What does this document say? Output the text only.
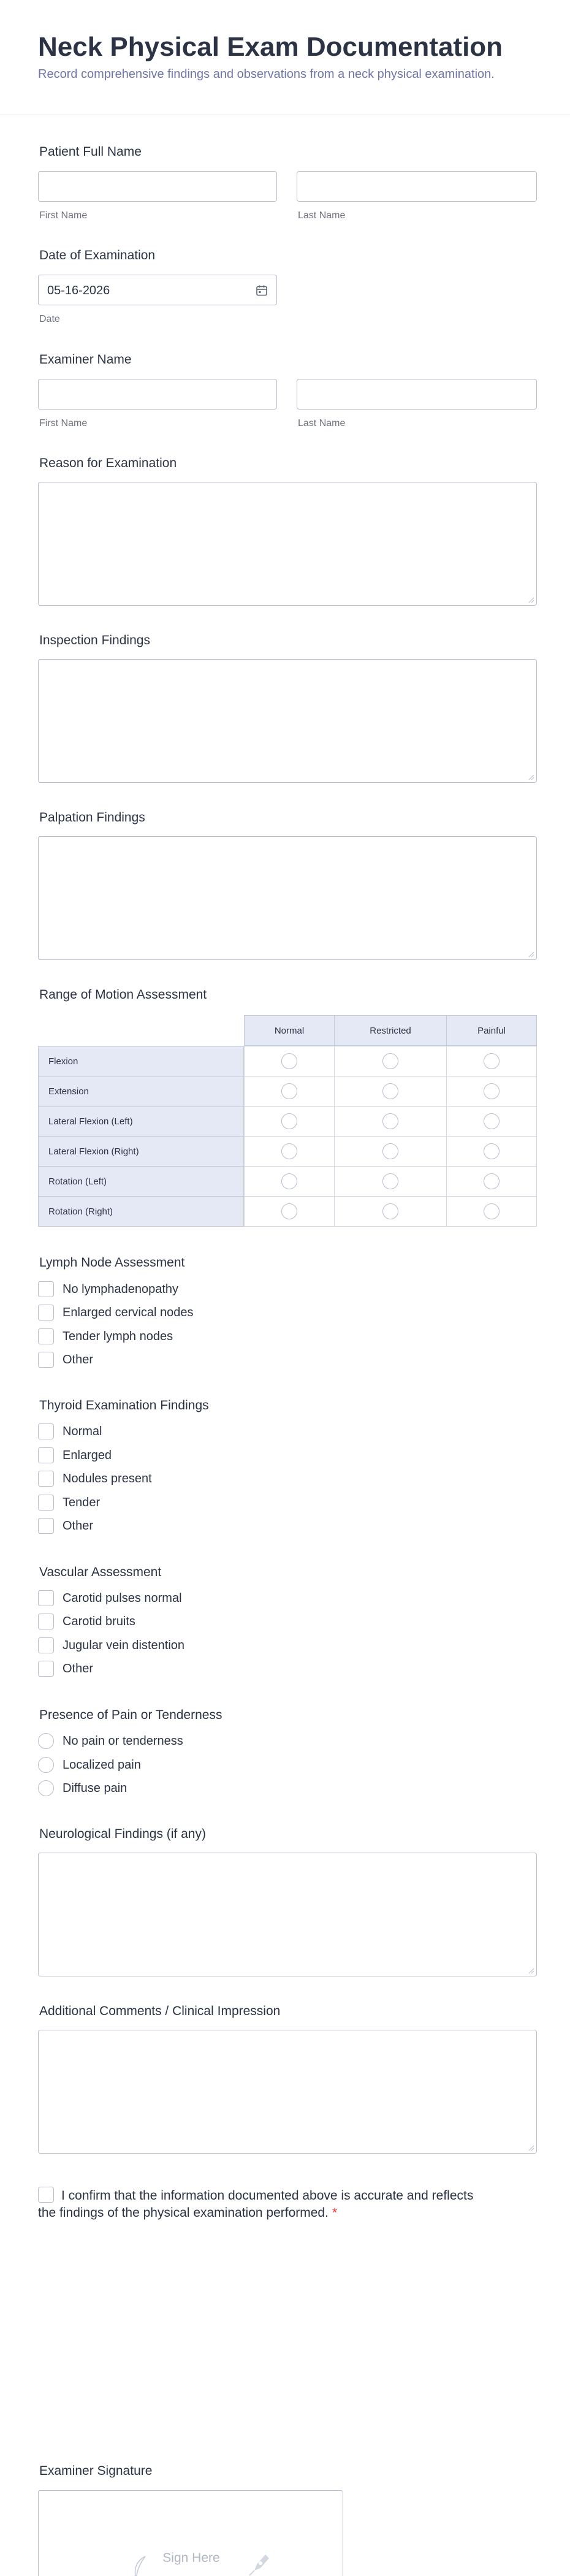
Neck Physical Exam Documentation
Record comprehensive findings and observations from a neck physical examination.
Patient Full Name
First Name	Last Name
Date of Examination
05-16-2026
Date
Examiner Name
First Name	Last Name
Reason for Examination
Inspection Findings
Palpation Findings
Range of Motion Assessment
Normal	Restricted	Painful
Flexion
Extension
Lateral Flexion (Left)
Lateral Flexion (Right)
Rotation (Left)
Rotation (Right)
Lymph Node Assessment
No lymphadenopathy
Enlarged cervical nodes
Tender lymph nodes
Other
Thyroid Examination Findings
Normal
Enlarged
Nodules present
Tender
Other
Vascular Assessment
Carotid pulses normal
Carotid bruits
Jugular vein distention
Other
Presence of Pain or Tenderness
No pain or tenderness
Localized pain
Diffuse pain
Neurological Findings (if any)
Additional Comments / Clinical Impression
I confirm that the information documented above is accurate and reflects the findings of the physical examination performed. *
Examiner Signature
Sign Here
